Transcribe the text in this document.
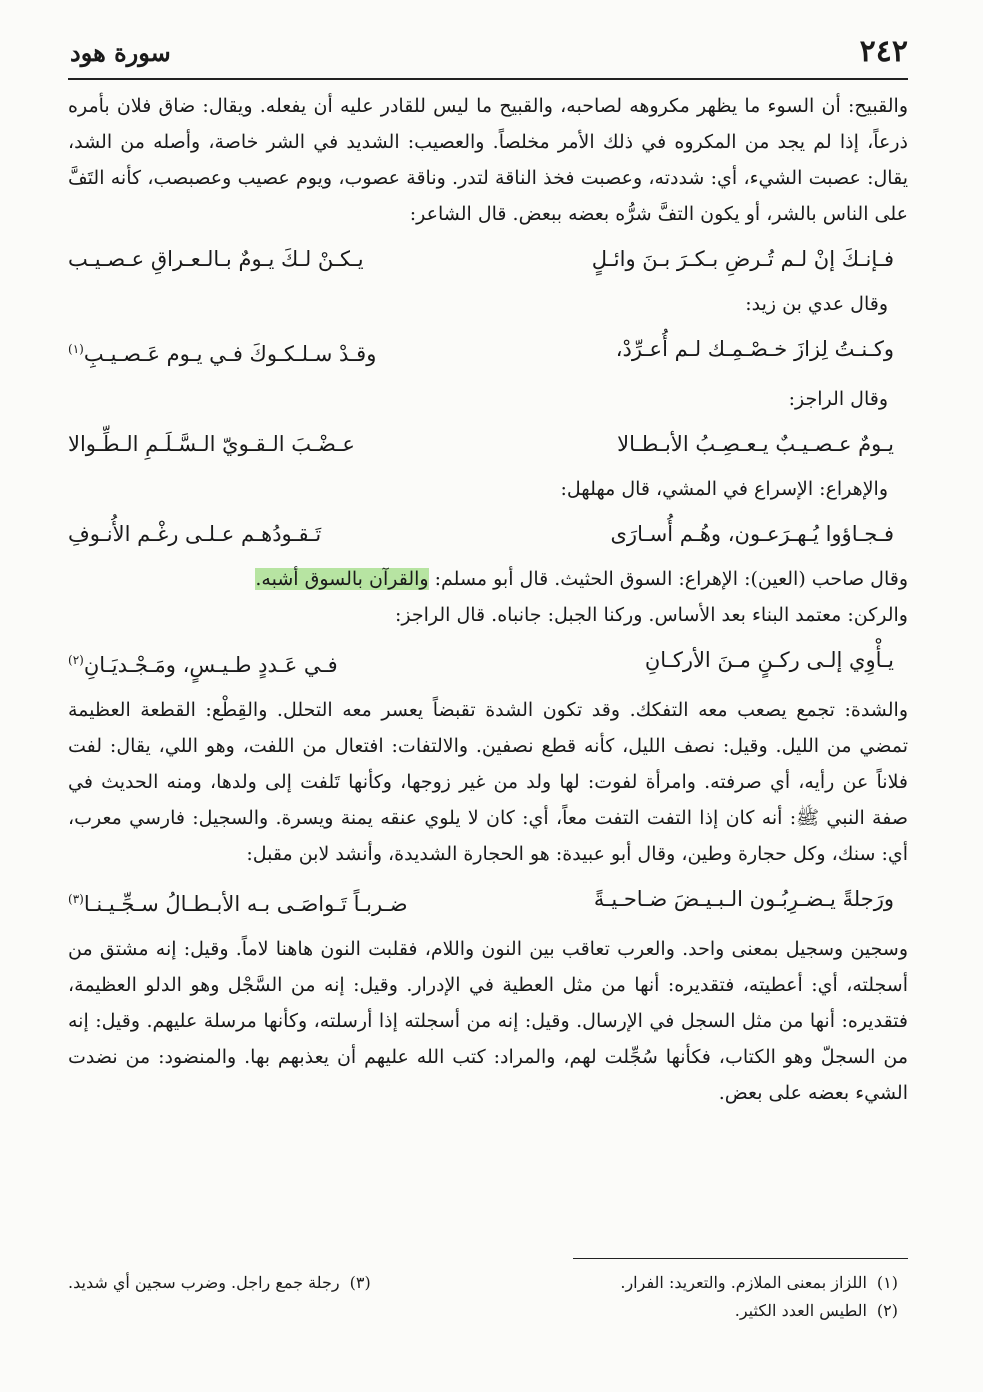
٢٤٢
سورة هود

والقبيح: أن السوء ما يظهر مكروهه لصاحبه، والقبيح ما ليس للقادر عليه أن يفعله. ويقال: ضاق فلان بأمره ذرعاً، إذا لم يجد من المكروه في ذلك الأمر مخلصاً. والعصيب: الشديد في الشر خاصة، وأصله من الشد، يقال: عصبت الشيء، أي: شددته، وعصبت فخذ الناقة لتدر. وناقة عصوب، ويوم عصيب وعصبصب، كأنه التَفَّ على الناس بالشر، أو يكون التفَّ شرُّه بعضه ببعض. قال الشاعر:

فـإنـكَ إنْ لـم تُـرضِ بـكـرَ بـنَ وائـلٍ
يـكـنْ لـكَ يـومٌ بـالـعـراقِ عـصـيـب

وقال عدي بن زيد:

وكـنـتُ لِزازَ خـصْـمِـك لـم أُعـرِّدْ،
وقـدْ سـلـكـوكَ فـي يـوم عَـصـيـبِ$^{(١)}$

وقال الراجز:

يـومٌ عـصـيـبٌ يـعـصِـبُ الأبـطـالا
عـضْـبَ الـقـويّ الـسَّـلَـمِ الـطِّـوالا

والإهراع: الإسراع في المشي، قال مهلهل:

فـجـاؤوا يُـهـرَعـون، وهُـم أُسـارَى
تَـقـودُهـم عـلـى رغْـم الأُنـوفِ

وقال صاحب (العين): الإهراع: السوق الحثيث. قال أبو مسلم: والقرآن بالسوق أشبه.

والركن: معتمد البناء بعد الأساس. وركنا الجبل: جانباه. قال الراجز:

يـأْوِي إلـى ركـنٍ مـنَ الأركـانِ
فـي عَـددٍ طـيـسٍ، ومَـجْـديَـانِ$^{(٢)}$

والشدة: تجمع يصعب معه التفكك. وقد تكون الشدة تقبضاً يعسر معه التحلل. والقِطْع: القطعة العظيمة تمضي من الليل. وقيل: نصف الليل، كأنه قطع نصفين. والالتفات: افتعال من اللفت، وهو اللي، يقال: لفت فلاناً عن رأيه، أي صرفته. وامرأة لفوت: لها ولد من غير زوجها، وكأنها تَلفت إلى ولدها، ومنه الحديث في صفة النبي ﷺ: أنه كان إذا التفت التفت معاً، أي: كان لا يلوي عنقه يمنة ويسرة. والسجيل: فارسي معرب، أي: سنك، وكل حجارة وطين، وقال أبو عبيدة: هو الحجارة الشديدة، وأنشد لابن مقبل:

ورَجلةً يـضـرِبُـون الـبـيـضَ ضـاحـيـةً
ضـربـاً تَـواصَـى بـه الأبـطـالُ سـجِّـيـنـا$^{(٣)}$

وسجين وسجيل بمعنى واحد. والعرب تعاقب بين النون واللام، فقلبت النون هاهنا لاماً. وقيل: إنه مشتق من أسجلته، أي: أعطيته، فتقديره: أنها من مثل العطية في الإدرار. وقيل: إنه من السَّجْل وهو الدلو العظيمة، فتقديره: أنها من مثل السجل في الإرسال. وقيل: إنه من أسجلته إذا أرسلته، وكأنها مرسلة عليهم. وقيل: إنه من السجلّ وهو الكتاب، فكأنها سُجِّلت لهم، والمراد: كتب الله عليهم أن يعذبهم بها. والمنضود: من نضدت الشيء بعضه على بعض.

(١)اللزاز بمعنى الملازم. والتعريد: الفرار.
(٣)رجلة جمع راجل. وضرب سجين أي شديد.
(٢)الطيس العدد الكثير.
